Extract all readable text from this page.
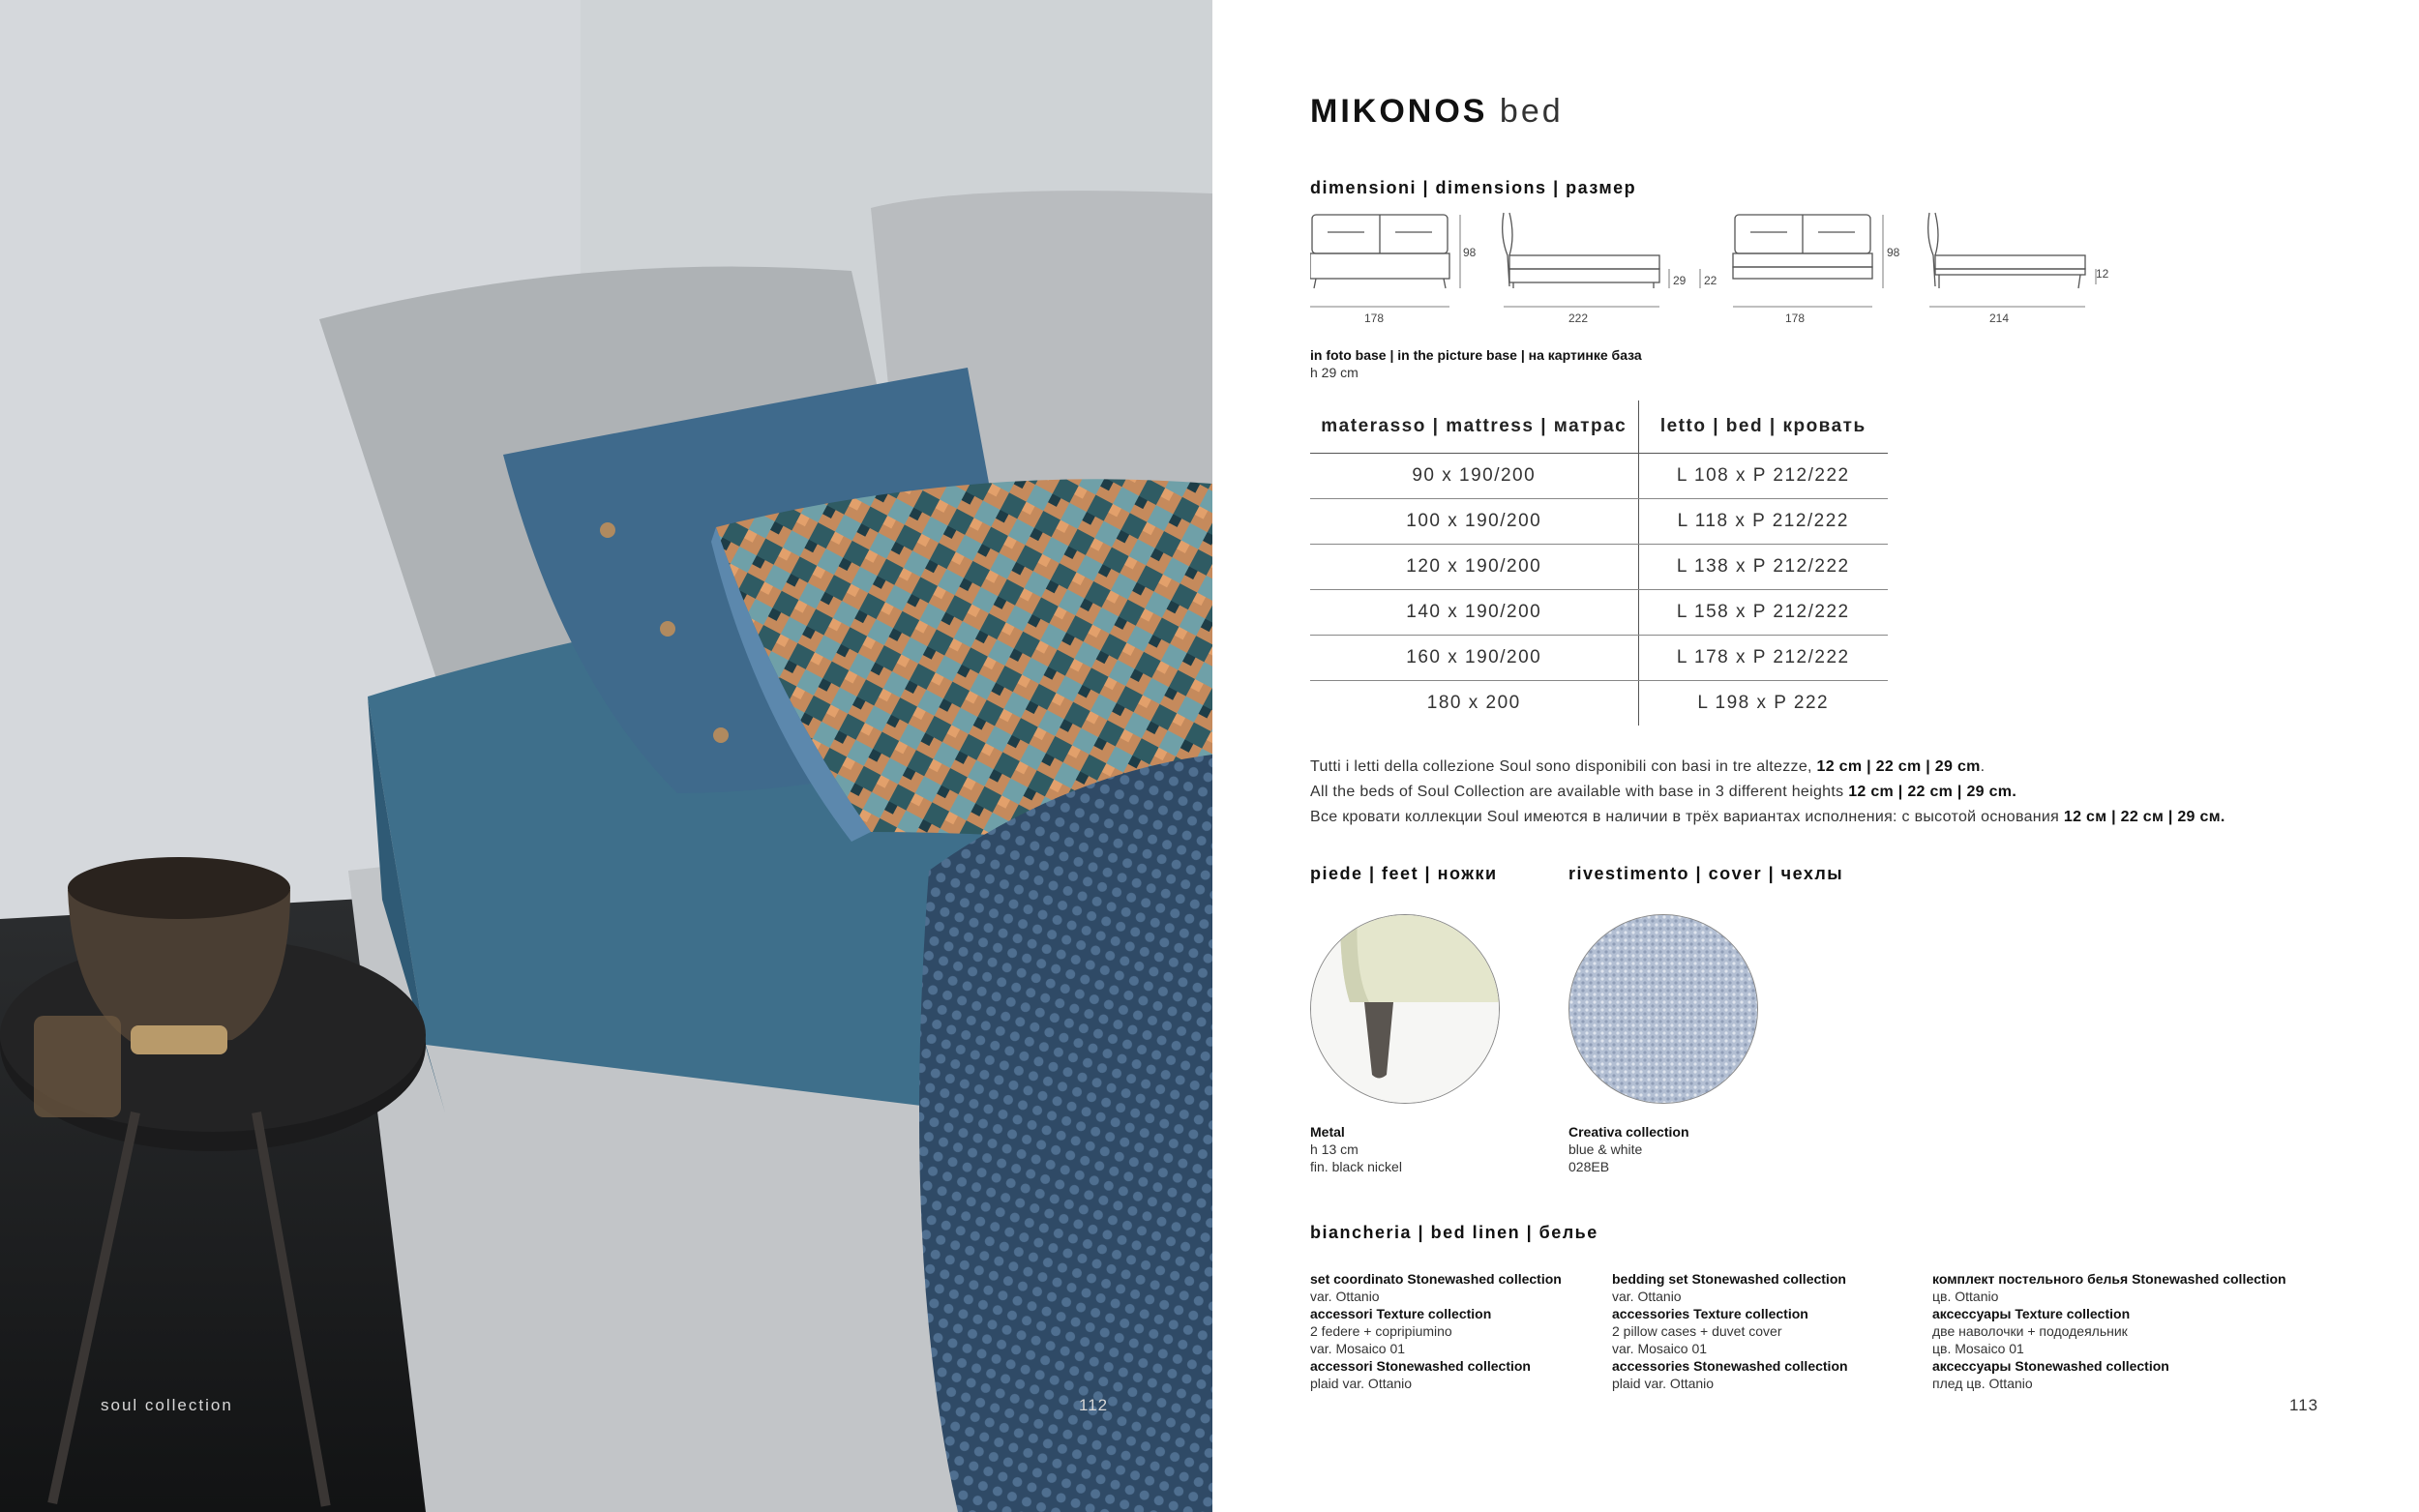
soul collection	112
MIKONOS bed
dimensioni | dimensions | размер
178
98
222
29 22
178
98
214
12
in foto base | in the picture base | на картинке база
h 29 cm
materasso | mattress | матрас	letto | bed | кровать
90 x 190/200	L 108 x P 212/222
100 x 190/200	L 118 x P 212/222
120 x 190/200	L 138 x P 212/222
140 x 190/200	L 158 x P 212/222
160 x 190/200	L 178 x P 212/222
180 x 200	L 198 x P 222
Tutti i letti della collezione Soul sono disponibili con basi in tre altezze, 12 cm | 22 cm | 29 cm.
All the beds of Soul Collection are available with base in 3 different heights 12 cm | 22 cm | 29 cm.
Все кровати коллекции Soul имеются в наличии в трёх вариантах исполнения: с высотой основания 12 см | 22 см | 29 см.
piede | feet | ножки	rivestimento | cover | чехлы
Metal
h 13 cm
fin. black nickel
Creativa collection
blue & white
028EB
biancheria | bed linen | белье
set coordinato Stonewashed collection
var. Ottanio
accessori Texture collection
2 federe + copripiumino
var. Mosaico 01
accessori Stonewashed collection
plaid var. Ottanio
bedding set Stonewashed collection
var. Ottanio
accessories Texture collection
2 pillow cases + duvet cover
var. Mosaico 01
accessories Stonewashed collection
plaid var. Ottanio
комплект постельного белья Stonewashed collection
цв. Ottanio
аксессуары Texture collection
две наволочки + пододеяльник
цв. Mosaico 01
аксессуары Stonewashed collection
плед цв. Ottanio
113
